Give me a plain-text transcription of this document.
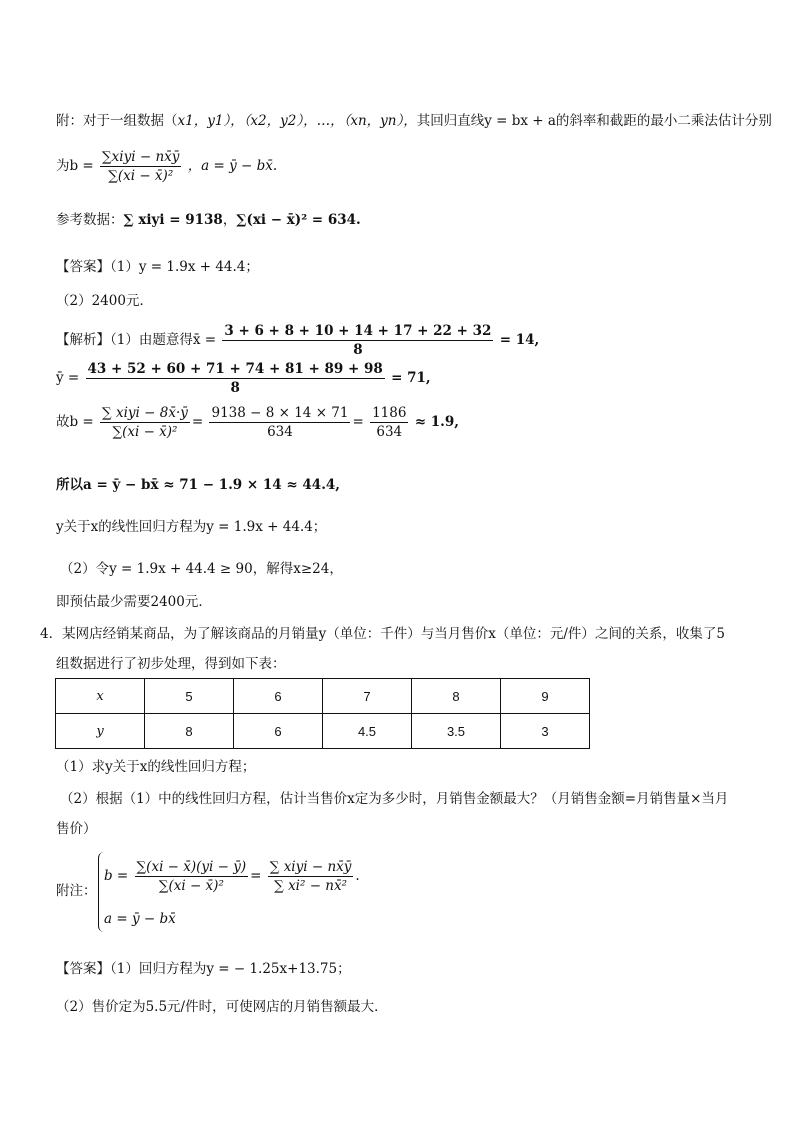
附：对于一组数据（x1，y1），（x2，y2），…，（xn，yn），其回归直线y = bx + a的斜率和截距的最小二乘法估计分别
为$b = \frac{\text{∑xiyi − nx̄ȳ}}{\text{∑(xi − x̄)²}}$ ，a = ȳ − bx̄.
参考数据：∑ xiyi = 9138，∑(xi − x̄)² = 634.
【答案】（1）y = 1.9x + 44.4；
（2）2400元．
【解析】（1）由题意得x̄ = $\frac{3 + 6 + 8 + 10 + 14 + 17 + 22 + 32}{8} = 14$,
ȳ = $\frac{43 + 52 + 60 + 71 + 74 + 81 + 89 + 98}{8} = 71$,
故$b = \frac{\text{∑ xiyi − 8x̄·ȳ}}{\text{∑(xi − x̄)²}} = \frac{9138 - 8 \times 14 \times 71}{634} = \frac{1186}{634} \approx 1.9$,
所以a = ȳ − bx̄ ≈ 71 − 1.9 × 14 ≈ 44.4,
y关于x的线性回归方程为y = 1.9x + 44.4；
（2）令y = 1.9x + 44.4 ≥ 90，解得x≥24，
即预估最少需要2400元．
4．某网店经销某商品，为了解该商品的月销量y（单位：千件）与当月售价x（单位：元/件）之间的关系，收集了5
组数据进行了初步处理，得到如下表：
x	5	6	7	8	9
y	8	6	4.5	3.5	3
（1）求y关于x的线性回归方程；
（2）根据（1）中的线性回归方程，估计当售价x定为多少时，月销售金额最大？（月销售金额=月销售量×当月
售价）
附注：
$b = \frac{\sum(xi - x̄)(yi - ȳ)}{\text{∑(xi − x̄)²}} = \frac{\text{∑ xiyi − nx̄ȳ}}{\text{∑ xi² − nx̄²}}$ .
a = ȳ − bx̄
【答案】（1）回归方程为y = − 1.25x+13.75；
（2）售价定为5.5元/件时，可使网店的月销售额最大．
